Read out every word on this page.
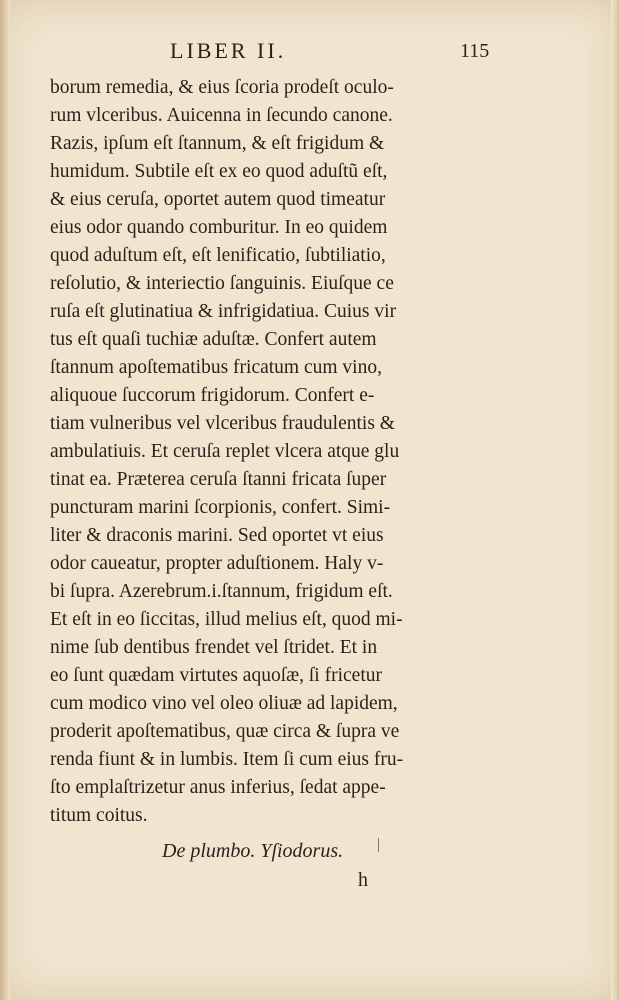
LIBER II.	115
borum remedia, & eius ſcoria prodeſt oculo-
rum vlceribus. Auicenna in ſecundo canone.
Razis, ipſum eſt ſtannum, & eſt frigidum &
humidum. Subtile eſt ex eo quod aduſtũ eſt,
& eius ceruſa, oportet autem quod timeatur
eius odor quando comburitur. In eo quidem
quod aduſtum eſt, eſt lenificatio, ſubtiliatio,
reſolutio, & interiectio ſanguinis. Eiuſque ce
ruſa eſt glutinatiua & infrigidatiua. Cuius vir
tus eſt quaſi tuchiæ aduſtæ. Confert autem
ſtannum apoſtematibus fricatum cum vino,
aliquoue ſuccorum frigidorum. Confert e-
tiam vulneribus vel vlceribus fraudulentis &
ambulatiuis. Et ceruſa replet vlcera atque glu
tinat ea. Præterea ceruſa ſtanni fricata ſuper
puncturam marini ſcorpionis, confert. Simi-
liter & draconis marini. Sed oportet vt eius
odor caueatur, propter aduſtionem. Haly v-
bi ſupra. Azerebrum.i.ſtannum, frigidum eſt.
Et eſt in eo ſiccitas, illud melius eſt, quod mi-
nime ſub dentibus frendet vel ſtridet. Et in
eo ſunt quædam virtutes aquoſæ, ſi fricetur
cum modico vino vel oleo oliuæ ad lapidem,
proderit apoſtematibus, quæ circa & ſupra ve
renda fiunt & in lumbis. Item ſi cum eius fru-
ſto emplaſtrizetur anus inferius, ſedat appe-
titum coitus.
De plumbo. Yſiodorus.
h
